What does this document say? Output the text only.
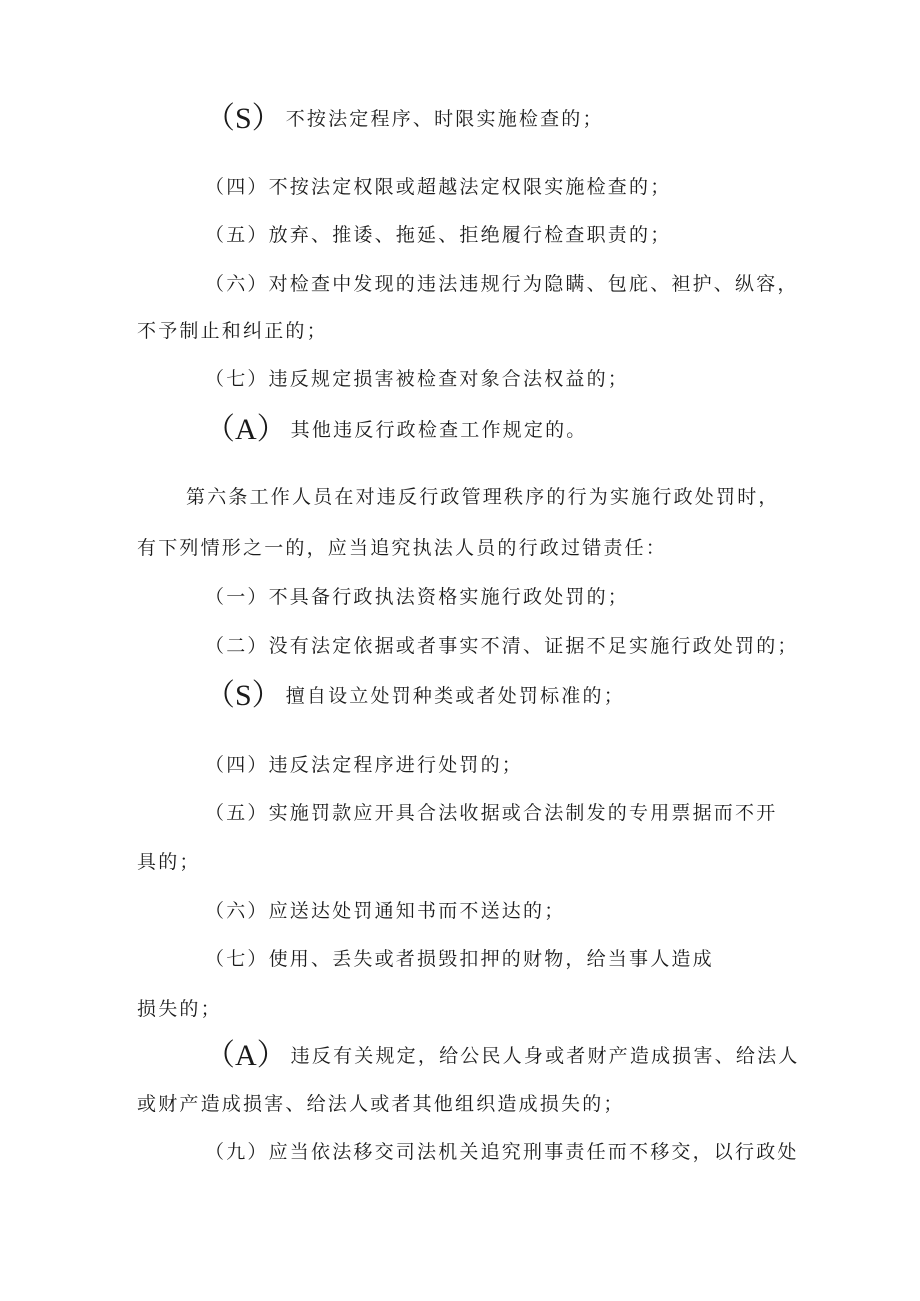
（S） 不按法定程序、时限实施检查的；
（四）不按法定权限或超越法定权限实施检查的；
（五）放弃、推诿、拖延、拒绝履行检查职责的；
（六）对检查中发现的违法违规行为隐瞒、包庇、袒护、纵容，
不予制止和纠正的；
（七）违反规定损害被检查对象合法权益的；
（A） 其他违反行政检查工作规定的。
第六条工作人员在对违反行政管理秩序的行为实施行政处罚时，
有下列情形之一的，应当追究执法人员的行政过错责任：
（一）不具备行政执法资格实施行政处罚的；
（二）没有法定依据或者事实不清、证据不足实施行政处罚的；
（S） 擅自设立处罚种类或者处罚标准的；
（四）违反法定程序进行处罚的；
（五）实施罚款应开具合法收据或合法制发的专用票据而不开
具的；
（六）应送达处罚通知书而不送达的；
（七）使用、丢失或者损毁扣押的财物，给当事人造成
损失的；
（A） 违反有关规定，给公民人身或者财产造成损害、给法人
或财产造成损害、给法人或者其他组织造成损失的；
（九）应当依法移交司法机关追究刑事责任而不移交，以行政处
